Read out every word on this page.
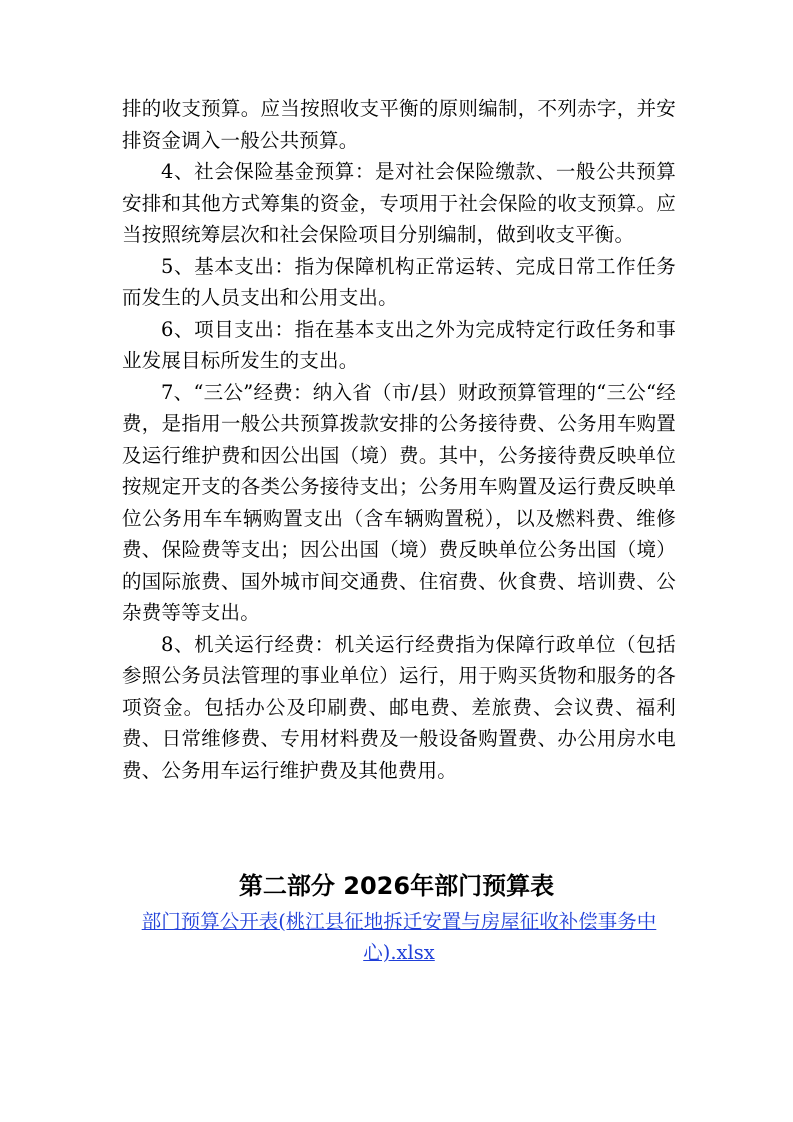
排的收支预算。应当按照收支平衡的原则编制，不列赤字，并安排资金调入一般公共预算。

4、社会保险基金预算：是对社会保险缴款、一般公共预算安排和其他方式筹集的资金，专项用于社会保险的收支预算。应当按照统筹层次和社会保险项目分别编制，做到收支平衡。

5、基本支出：指为保障机构正常运转、完成日常工作任务而发生的人员支出和公用支出。

6、项目支出：指在基本支出之外为完成特定行政任务和事业发展目标所发生的支出。

7、“三公”经费：纳入省（市/县）财政预算管理的“三公“经费，是指用一般公共预算拨款安排的公务接待费、公务用车购置及运行维护费和因公出国（境）费。其中，公务接待费反映单位按规定开支的各类公务接待支出；公务用车购置及运行费反映单位公务用车车辆购置支出（含车辆购置税），以及燃料费、维修费、保险费等支出；因公出国（境）费反映单位公务出国（境）的国际旅费、国外城市间交通费、住宿费、伙食费、培训费、公杂费等等支出。

8、机关运行经费：机关运行经费指为保障行政单位（包括参照公务员法管理的事业单位）运行，用于购买货物和服务的各项资金。包括办公及印刷费、邮电费、差旅费、会议费、福利费、日常维修费、专用材料费及一般设备购置费、办公用房水电费、公务用车运行维护费及其他费用。

第二部分 2026年部门预算表
部门预算公开表(桃江县征地拆迁安置与房屋征收补偿事务中心).xlsx
